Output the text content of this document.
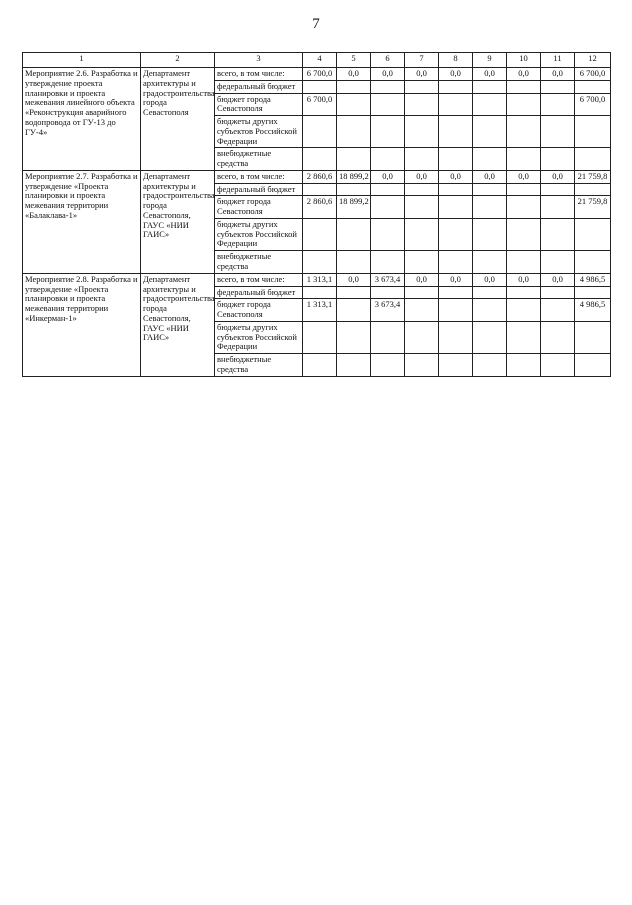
7
1	2	3	4	5	6	7	8	9	10	11	12
Мероприятие 2.6. Разработка и утверждение проекта планировки и проекта межевания линейного объекта «Реконструкция аварийного водопровода от ГУ-13 до ГУ-4»	Департамент архитектуры и градостроительства города Севастополя	всего, в том числе:	6 700,0	0,0	0,0	0,0	0,0	0,0	0,0	0,0	6 700,0
		федеральный бюджет									
		бюджет города Севастополя	6 700,0								6 700,0
		бюджеты других субъектов Российской Федерации									
		внебюджетные средства									
Мероприятие 2.7. Разработка и утверждение «Проекта планировки и проекта межевания территории «Балаклава-1»	Департамент архитектуры и градостроительства города Севастополя, ГАУС «НИИ ГАИС»	всего, в том числе:	2 860,6	18 899,2	0,0	0,0	0,0	0,0	0,0	0,0	21 759,8
		федеральный бюджет									
		бюджет города Севастополя	2 860,6	18 899,2							21 759,8
		бюджеты других субъектов Российской Федерации									
		внебюджетные средства									
Мероприятие 2.8. Разработка и утверждение «Проекта планировки и проекта межевания территории «Инкерман-1»	Департамент архитектуры и градостроительства города Севастополя, ГАУС «НИИ ГАИС»	всего, в том числе:	1 313,1	0,0	3 673,4	0,0	0,0	0,0	0,0	0,0	4 986,5
		федеральный бюджет									
		бюджет города Севастополя	1 313,1		3 673,4						4 986,5
		бюджеты других субъектов Российской Федерации									
		внебюджетные средства									
